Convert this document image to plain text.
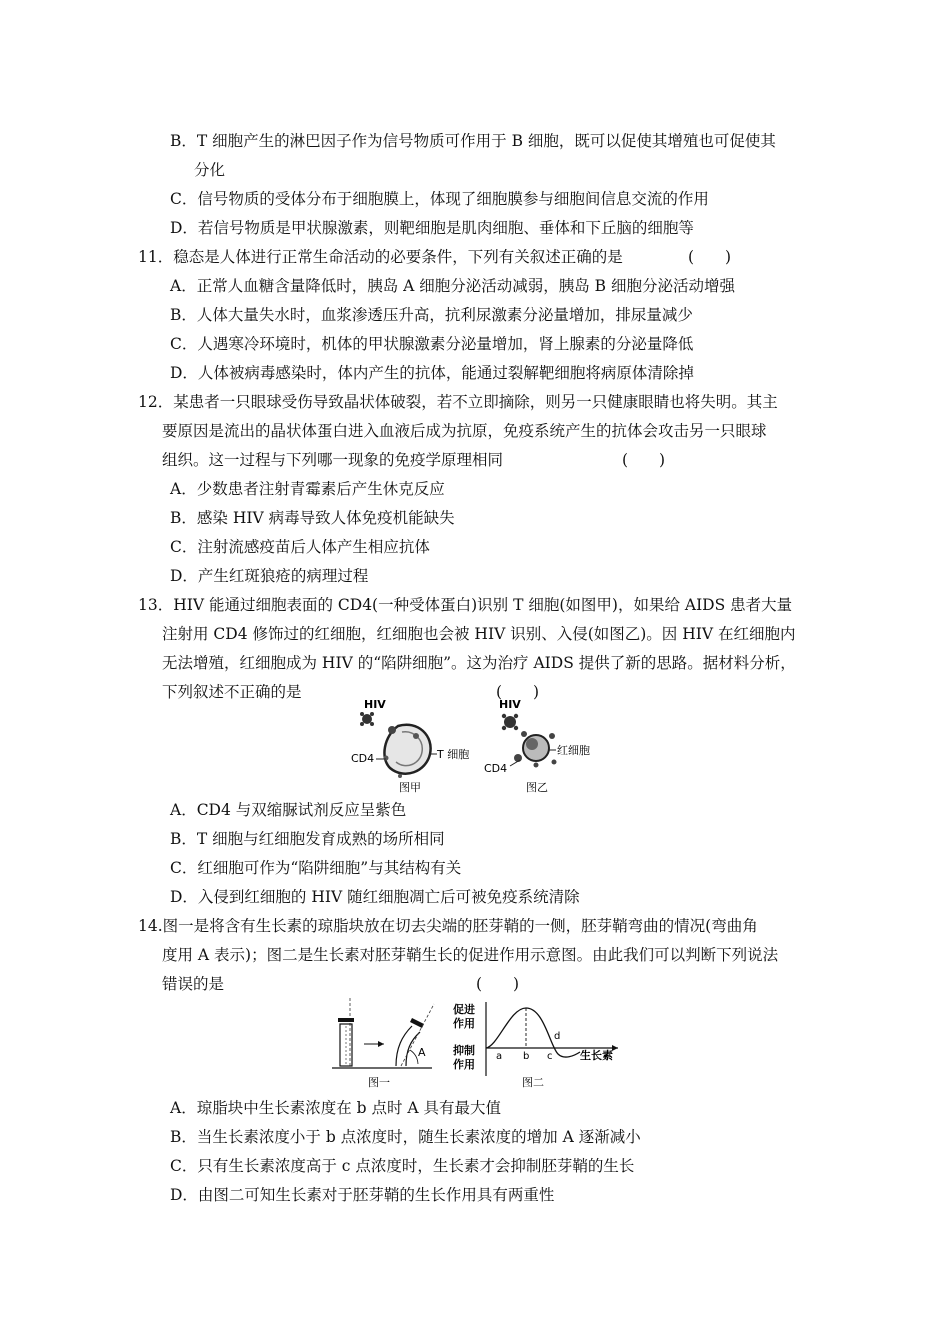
B．T 细胞产生的淋巴因子作为信号物质可作用于 B 细胞，既可以促使其增殖也可促使其
分化
C．信号物质的受体分布于细胞膜上，体现了细胞膜参与细胞间信息交流的作用
D．若信号物质是甲状腺激素，则靶细胞是肌肉细胞、垂体和下丘脑的细胞等
11．稳态是人体进行正常生命活动的必要条件，下列有关叙述正确的是	(　　)
A．正常人血糖含量降低时，胰岛 A 细胞分泌活动减弱，胰岛 B 细胞分泌活动增强
B．人体大量失水时，血浆渗透压升高，抗利尿激素分泌量增加，排尿量减少
C．人遇寒冷环境时，机体的甲状腺激素分泌量增加，肾上腺素的分泌量降低
D．人体被病毒感染时，体内产生的抗体，能通过裂解靶细胞将病原体清除掉
12．某患者一只眼球受伤导致晶状体破裂，若不立即摘除，则另一只健康眼睛也将失明。其主
要原因是流出的晶状体蛋白进入血液后成为抗原，免疫系统产生的抗体会攻击另一只眼球
组织。这一过程与下列哪一现象的免疫学原理相同	(　　)
A．少数患者注射青霉素后产生休克反应
B．感染 HIV 病毒导致人体免疫机能缺失
C．注射流感疫苗后人体产生相应抗体
D．产生红斑狼疮的病理过程
13．HIV 能通过细胞表面的 CD4(一种受体蛋白)识别 T 细胞(如图甲)，如果给 AIDS 患者大量
注射用 CD4 修饰过的红细胞，红细胞也会被 HIV 识别、入侵(如图乙)。因 HIV 在红细胞内
无法增殖，红细胞成为 HIV 的“陷阱细胞”。这为治疗 AIDS 提供了新的思路。据材料分析，
下列叙述不正确的是	(　　)
HIV
CD4	T 细胞
图甲
HIV
CD4
红细胞
图乙
A．CD4 与双缩脲试剂反应呈紫色
B．T 细胞与红细胞发育成熟的场所相同
C．红细胞可作为“陷阱细胞”与其结构有关
D．入侵到红细胞的 HIV 随红细胞凋亡后可被免疫系统清除
14.图一是将含有生长素的琼脂块放在切去尖端的胚芽鞘的一侧，胚芽鞘弯曲的情况(弯曲角
度用 A 表示)；图二是生长素对胚芽鞘生长的促进作用示意图。由此我们可以判断下列说法
错误的是	(　　)
A
图一
促进
作用
抑制
作用
a b c
d
生长素
图二
A．琼脂块中生长素浓度在 b 点时 A 具有最大值
B．当生长素浓度小于 b 点浓度时，随生长素浓度的增加 A 逐渐减小
C．只有生长素浓度高于 c 点浓度时，生长素才会抑制胚芽鞘的生长
D．由图二可知生长素对于胚芽鞘的生长作用具有两重性
